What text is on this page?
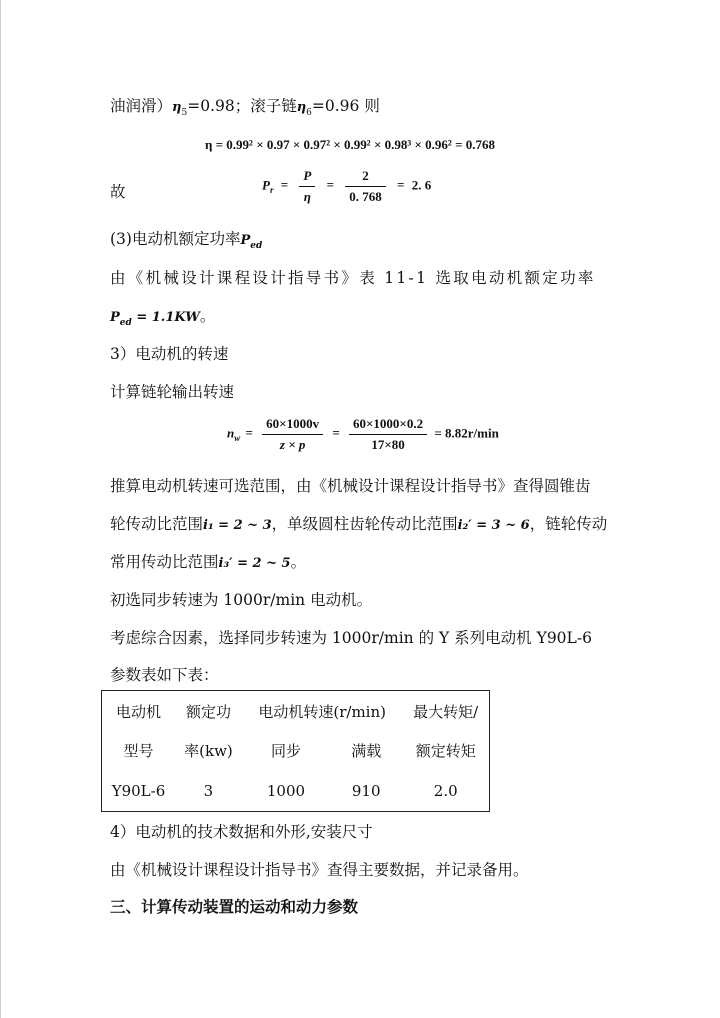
油润滑）$\eta_5=0.98$；滚子链$\eta_6=0.96$ 则
η = 0.99² × 0.97 × 0.97² × 0.99² × 0.98³ × 0.96² = 0.768
故	$P_r = \frac{P}{\eta} = \frac{2}{0. 768} = 2$. 6
(3)电动机额定功率$P_{ed}$
由《机械设计课程设计指导书》表 11-1 选取电动机额定功率
$P_{ed} = 1.1KW$。
3）电动机的转速
计算链轮输出转速
$n_w = \frac{60\times 1000v}{z \times p} = \frac{60\times 1000\times 0.2}{17\times 80} = 8.82r/\min$
推算电动机转速可选范围，由《机械设计课程设计指导书》查得圆锥齿
轮传动比范围i₁ = 2 ~ 3，单级圆柱齿轮传动比范围i₂′ = 3 ~ 6，链轮传动
常用传动比范围i₃′ = 2 ~ 5。
初选同步转速为 1000r/min 电动机。
考虑综合因素，选择同步转速为 1000r/min 的 Y 系列电动机 Y90L-6
参数表如下表：
电动机	额定功	电动机转速(r/min)		最大转矩/
型号	率(kw)	同步	满载	额定转矩
Y90L-6	3	1000	910	2.0
4）电动机的技术数据和外形,安装尺寸
由《机械设计课程设计指导书》查得主要数据，并记录备用。
三、计算传动装置的运动和动力参数
